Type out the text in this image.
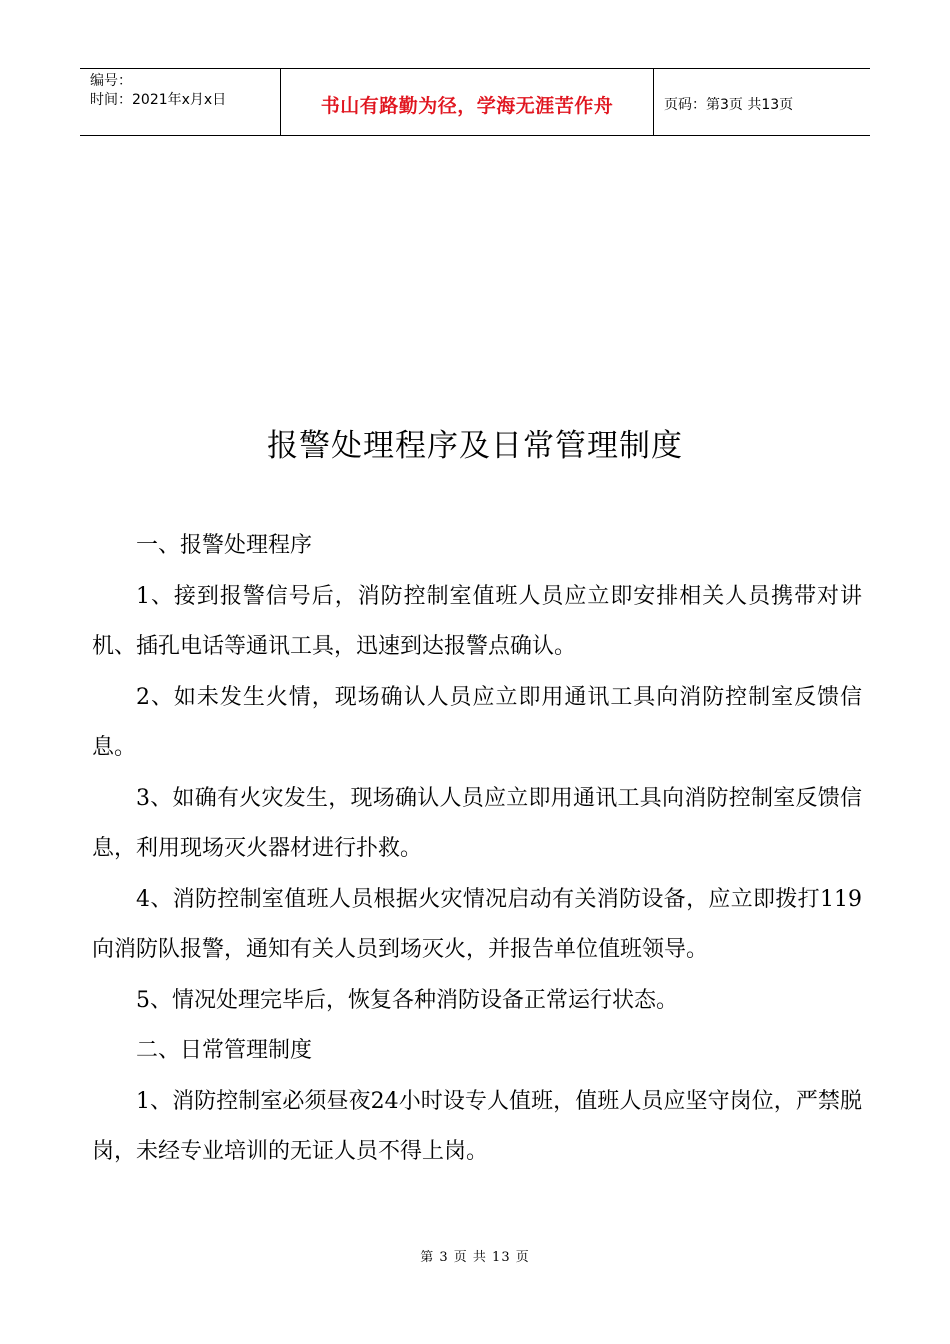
编号：
时间：2021年x月x日	书山有路勤为径，学海无涯苦作舟	页码：第3页 共13页
报警处理程序及日常管理制度

一、报警处理程序

1、接到报警信号后，消防控制室值班人员应立即安排相关人员携带对讲机、插孔电话等通讯工具，迅速到达报警点确认。

2、如未发生火情，现场确认人员应立即用通讯工具向消防控制室反馈信息。

3、如确有火灾发生，现场确认人员应立即用通讯工具向消防控制室反馈信息，利用现场灭火器材进行扑救。

4、消防控制室值班人员根据火灾情况启动有关消防设备，应立即拨打119向消防队报警，通知有关人员到场灭火，并报告单位值班领导。

5、情况处理完毕后，恢复各种消防设备正常运行状态。

二、日常管理制度

1、消防控制室必须昼夜24小时设专人值班，值班人员应坚守岗位，严禁脱岗，未经专业培训的无证人员不得上岗。

第 3 页 共 13 页
